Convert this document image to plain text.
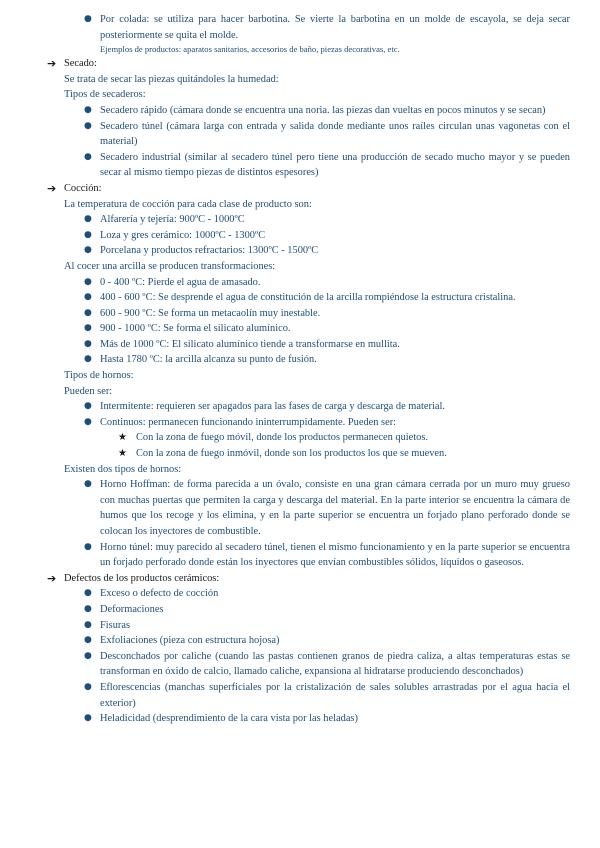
● Por colada: se utiliza para hacer barbotina. Se vierte la barbotina en un molde de escayola, se deja secar posteriormente se quita el molde.
Ejemplos de productos: aparatos sanitarios, accesorios de baño, piezas decorativas, etc.
➔ Secado:
Se trata de secar las piezas quitándoles la humedad:
Tipos de secaderos:
● Secadero rápido (cámara donde se encuentra una noria. las piezas dan vueltas en pocos minutos y se secan)
● Secadero túnel (cámara larga con entrada y salida donde mediante unos raíles circulan unas vagonetas con el material)
● Secadero industrial (similar al secadero túnel pero tiene una producción de secado mucho mayor y se pueden secar al mismo tiempo piezas de distintos espesores)
➔ Cocción:
La temperatura de cocción para cada clase de producto son:
● Alfarería y tejería: 900ºC - 1000ºC
● Loza y gres cerámico: 1000ºC - 1300ºC
● Porcelana y productos refractarios: 1300ºC - 1500ºC
Al cocer una arcilla se producen transformaciones:
● 0 - 400 ºC: Pierde el agua de amasado.
● 400 - 600 ºC: Se desprende el agua de constitución de la arcilla rompiéndose la estructura cristalina.
● 600 - 900 ºC: Se forma un metacaolín muy inestable.
● 900 - 1000 ºC: Se forma el silicato alumínico.
● Más de 1000 ºC: El silicato alumínico tiende a transformarse en mullita.
● Hasta 1780 ºC: la arcilla alcanza su punto de fusión.
Tipos de hornos:
Pueden ser:
● Intermitente: requieren ser apagados para las fases de carga y descarga de material.
● Continuos: permanecen funcionando ininterrumpidamente. Pueden ser:
★ Con la zona de fuego móvil, donde los productos permanecen quietos.
★ Con la zona de fuego inmóvil, donde son los productos los que se mueven.
Existen dos tipos de hornos:
● Horno Hoffman: de forma parecida a un óvalo, consiste en una gran cámara cerrada por un muro muy grueso con muchas puertas que permiten la carga y descarga del material. En la parte interior se encuentra la cámara de humos que los recoge y los elimina, y en la parte superior se encuentra un forjado plano perforado donde se colocan los inyectores de combustible.
● Horno túnel: muy parecido al secadero túnel, tienen el mismo funcionamiento y en la parte superior se encuentra un forjado perforado donde están los inyectores que envían combustibles sólidos, líquidos o gaseosos.
➔ Defectos de los productos cerámicos:
● Exceso o defecto de cocción
● Deformaciones
● Fisuras
● Exfoliaciones (pieza con estructura hojosa)
● Desconchados por caliche (cuando las pastas contienen granos de piedra caliza, a altas temperaturas estas se transforman en óxido de calcio, llamado caliche, expansiona al hidratarse produciendo desconchados)
● Eflorescencias (manchas superficiales por la cristalización de sales solubles arrastradas por el agua hacia el exterior)
● Heladicidad (desprendimiento de la cara vista por las heladas)
